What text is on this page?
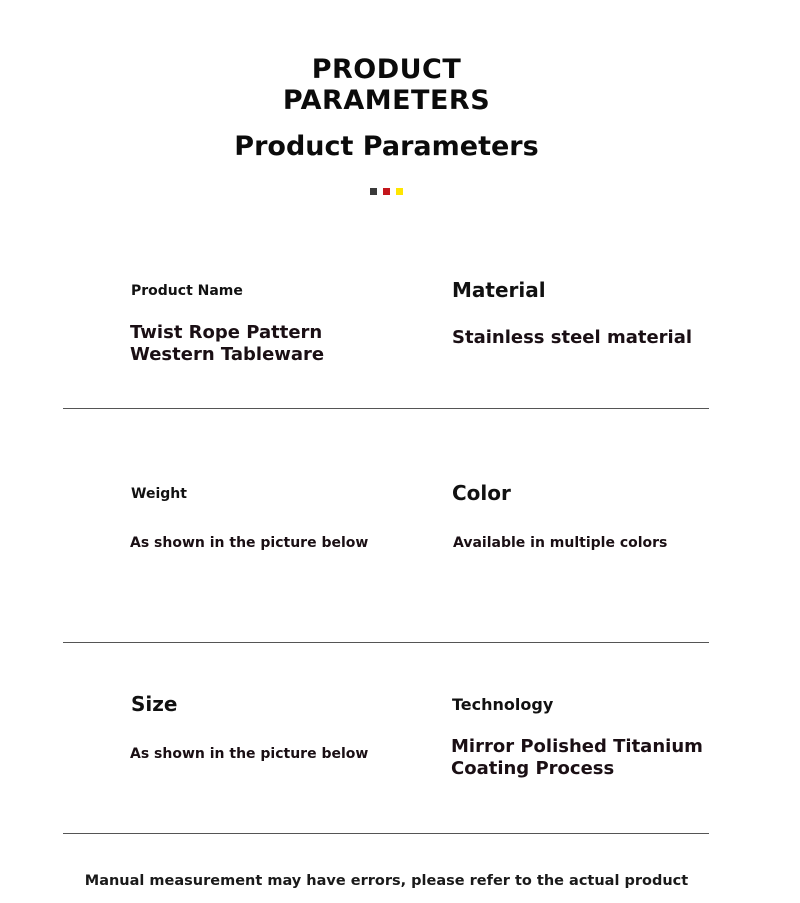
PRODUCT
PARAMETERS
Product Parameters
Product Name
Twist Rope Pattern
Western Tableware
Material
Stainless steel material
Weight
As shown in the picture below
Color
Available in multiple colors
Size
As shown in the picture below
Technology
Mirror Polished Titanium
Coating Process
Manual measurement may have errors, please refer to the actual product
